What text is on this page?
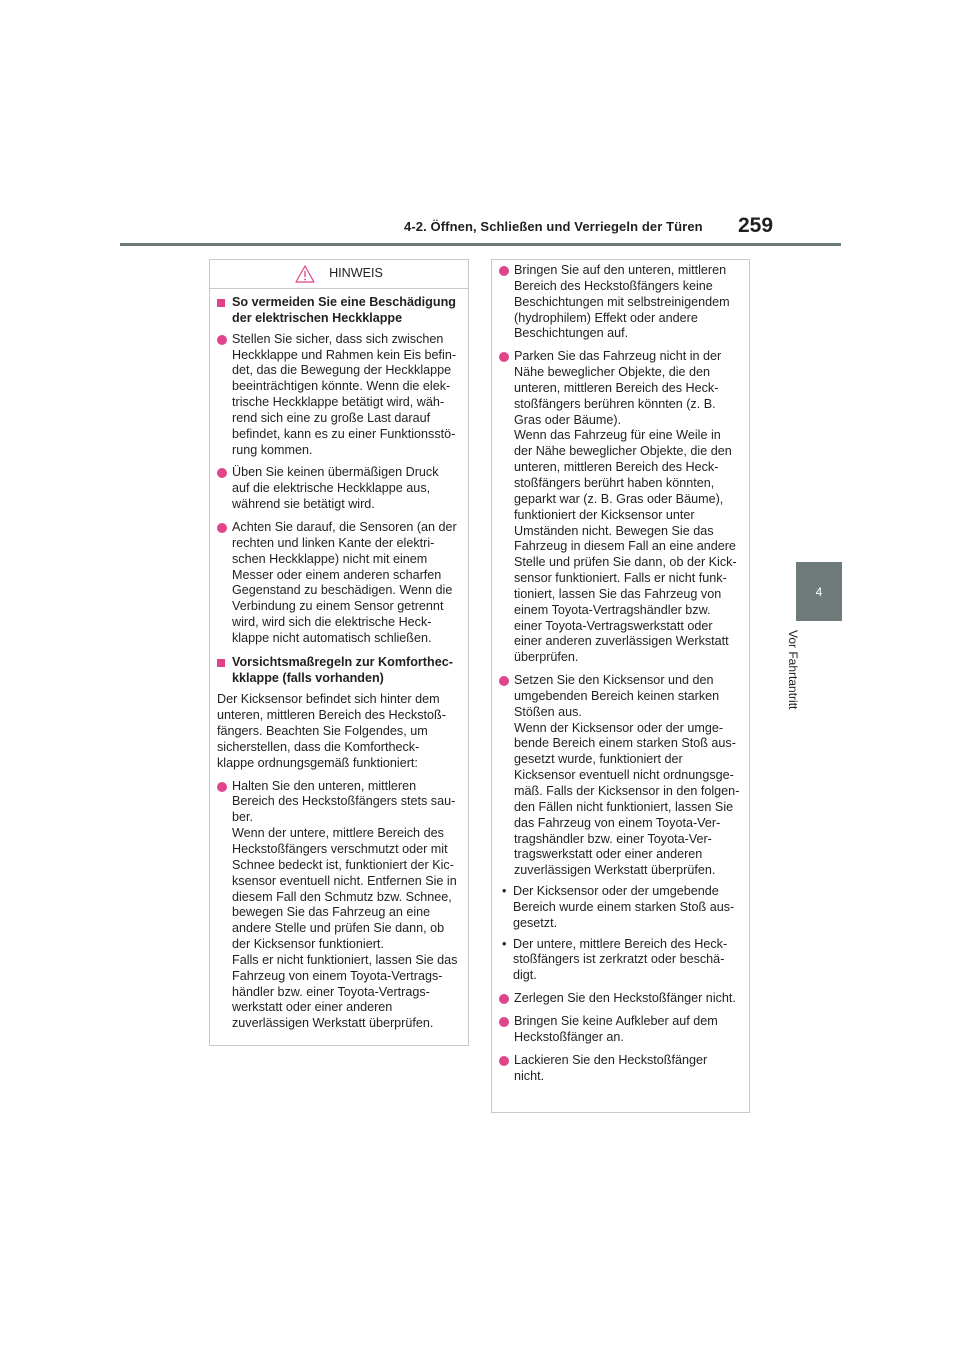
4-2. Öffnen, Schließen und Verriegeln der Türen 259
4
Vor Fahrtantritt
HINWEIS
So vermeiden Sie eine Beschädigung
der elektrischen Heckklappe
Stellen Sie sicher, dass sich zwischen
Heckklappe und Rahmen kein Eis befin-
det, das die Bewegung der Heckklappe
beeinträchtigen könnte. Wenn die elek-
trische Heckklappe betätigt wird, wäh-
rend sich eine zu große Last darauf
befindet, kann es zu einer Funktionsstö-
rung kommen.
Üben Sie keinen übermäßigen Druck
auf die elektrische Heckklappe aus,
während sie betätigt wird.
Achten Sie darauf, die Sensoren (an der
rechten und linken Kante der elektri-
schen Heckklappe) nicht mit einem
Messer oder einem anderen scharfen
Gegenstand zu beschädigen. Wenn die
Verbindung zu einem Sensor getrennt
wird, wird sich die elektrische Heck-
klappe nicht automatisch schließen.
Vorsichtsmaßregeln zur Komforthec-
kklappe (falls vorhanden)
Der Kicksensor befindet sich hinter dem
unteren, mittleren Bereich des Heckstoß-
fängers. Beachten Sie Folgendes, um
sicherstellen, dass die Komfortheck-
klappe ordnungsgemäß funktioniert:
Halten Sie den unteren, mittleren
Bereich des Heckstoßfängers stets sau-
ber.
Wenn der untere, mittlere Bereich des
Heckstoßfängers verschmutzt oder mit
Schnee bedeckt ist, funktioniert der Kic-
ksensor eventuell nicht. Entfernen Sie in
diesem Fall den Schmutz bzw. Schnee,
bewegen Sie das Fahrzeug an eine
andere Stelle und prüfen Sie dann, ob
der Kicksensor funktioniert.
Falls er nicht funktioniert, lassen Sie das
Fahrzeug von einem Toyota-Vertrags-
händler bzw. einer Toyota-Vertrags-
werkstatt oder einer anderen
zuverlässigen Werkstatt überprüfen.
Bringen Sie auf den unteren, mittleren
Bereich des Heckstoßfängers keine
Beschichtungen mit selbstreinigendem
(hydrophilem) Effekt oder andere
Beschichtungen auf.
Parken Sie das Fahrzeug nicht in der
Nähe beweglicher Objekte, die den
unteren, mittleren Bereich des Heck-
stoßfängers berühren könnten (z. B.
Gras oder Bäume).
Wenn das Fahrzeug für eine Weile in
der Nähe beweglicher Objekte, die den
unteren, mittleren Bereich des Heck-
stoßfängers berührt haben könnten,
geparkt war (z. B. Gras oder Bäume),
funktioniert der Kicksensor unter
Umständen nicht. Bewegen Sie das
Fahrzeug in diesem Fall an eine andere
Stelle und prüfen Sie dann, ob der Kick-
sensor funktioniert. Falls er nicht funk-
tioniert, lassen Sie das Fahrzeug von
einem Toyota-Vertragshändler bzw.
einer Toyota-Vertragswerkstatt oder
einer anderen zuverlässigen Werkstatt
überprüfen.
Setzen Sie den Kicksensor und den
umgebenden Bereich keinen starken
Stößen aus.
Wenn der Kicksensor oder der umge-
bende Bereich einem starken Stoß aus-
gesetzt wurde, funktioniert der
Kicksensor eventuell nicht ordnungsge-
mäß. Falls der Kicksensor in den folgen-
den Fällen nicht funktioniert, lassen Sie
das Fahrzeug von einem Toyota-Ver-
tragshändler bzw. einer Toyota-Ver-
tragswerkstatt oder einer anderen
zuverlässigen Werkstatt überprüfen.
• Der Kicksensor oder der umgebende
Bereich wurde einem starken Stoß aus-
gesetzt.
• Der untere, mittlere Bereich des Heck-
stoßfängers ist zerkratzt oder beschä-
digt.
Zerlegen Sie den Heckstoßfänger nicht.
Bringen Sie keine Aufkleber auf dem
Heckstoßfänger an.
Lackieren Sie den Heckstoßfänger
nicht.
